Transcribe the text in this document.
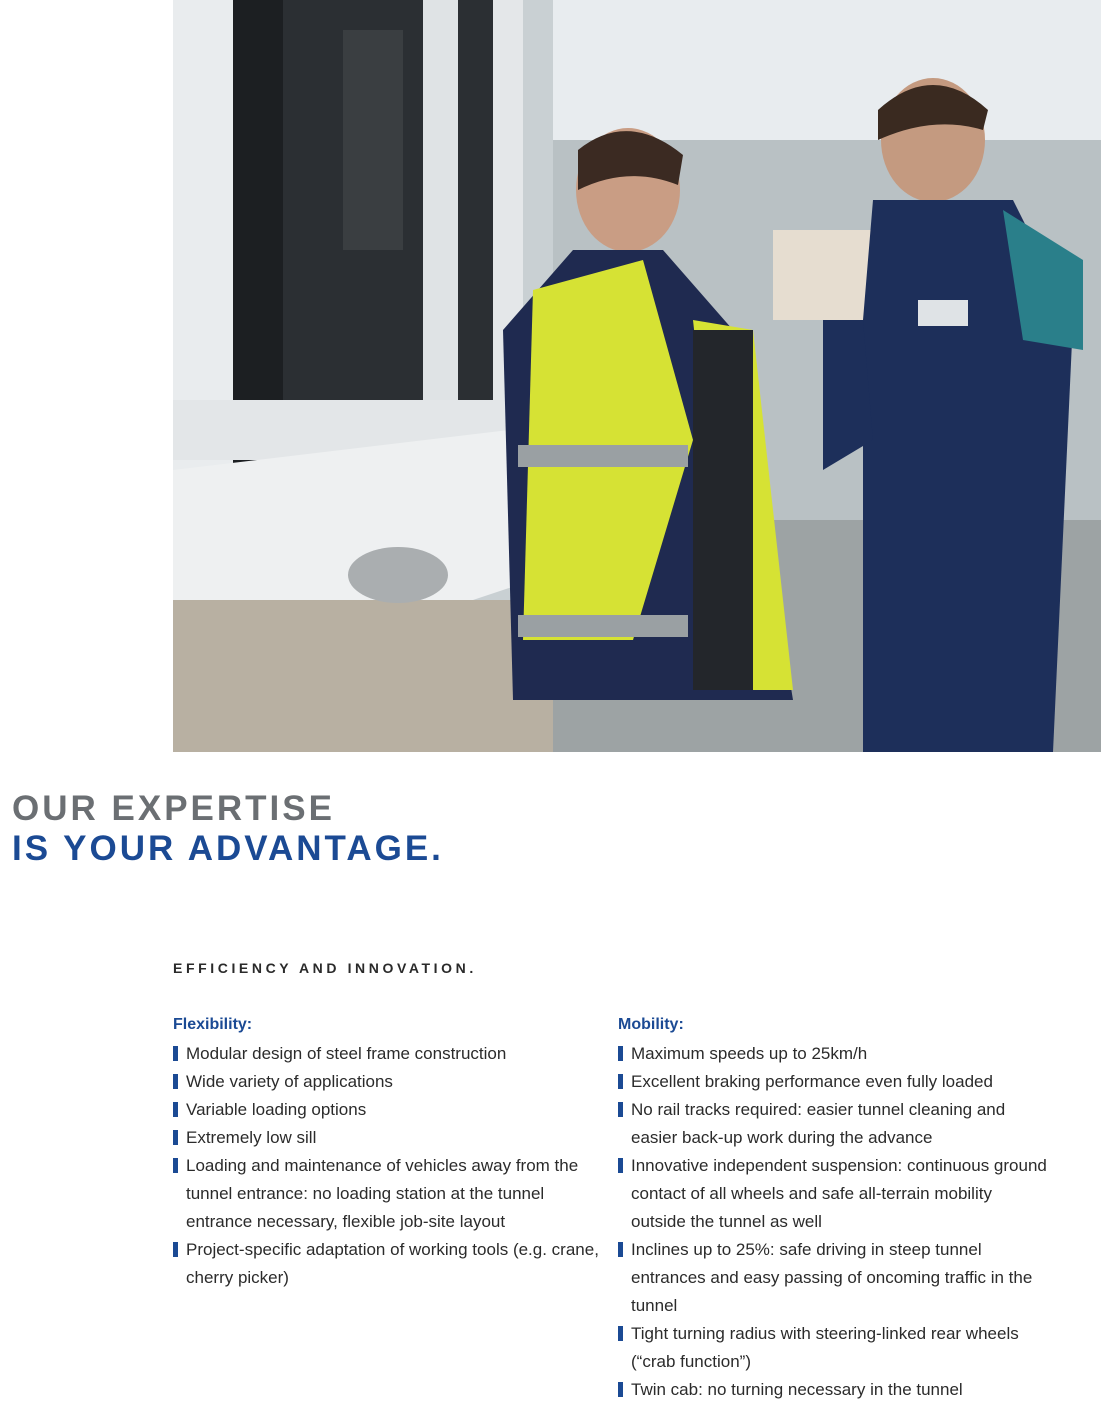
OUR EXPERTISE
IS YOUR ADVANTAGE.
EFFICIENCY AND INNOVATION.
Flexibility:
Modular design of steel frame construction
Wide variety of applications
Variable loading options
Extremely low sill
Loading and maintenance of vehicles away from the tunnel entrance: no loading station at the tunnel entrance necessary, flexible job-site layout
Project-specific adaptation of working tools (e.g. crane, cherry picker)
Mobility:
Maximum speeds up to 25km/h
Excellent braking performance even fully loaded
No rail tracks required: easier tunnel cleaning and easier back-up work during the advance
Innovative independent suspension: continuous ground contact of all wheels and safe all-terrain mobility outside the tunnel as well
Inclines up to 25%: safe driving in steep tunnel entrances and easy passing of oncoming traffic in the tunnel
Tight turning radius with steering-linked rear wheels (“crab function”)
Twin cab: no turning necessary in the tunnel
©JUAN ROBERT
